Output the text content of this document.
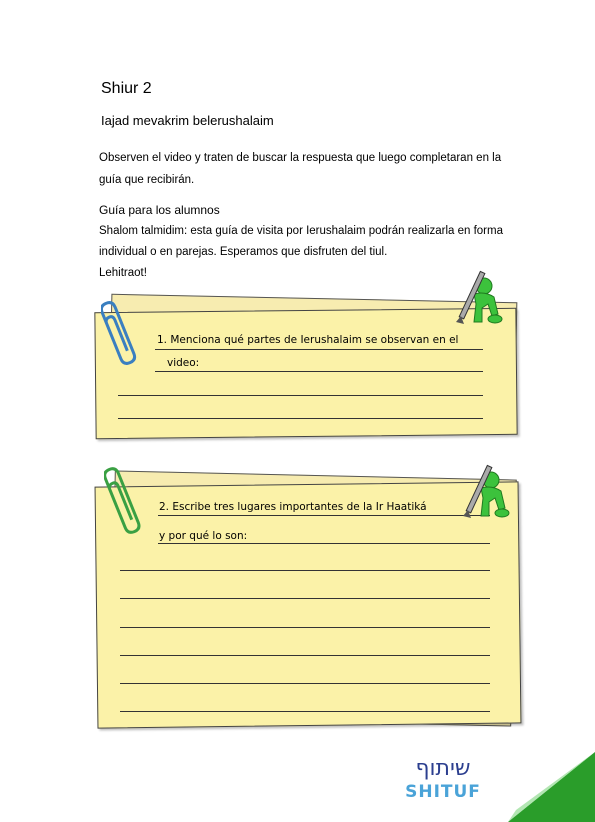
Shiur 2
Iajad mevakrim belerushalaim
Observen el video y traten de buscar la respuesta que luego completaran en la
guía que recibirán.
Guía para los alumnos
Shalom talmidim: esta guía de visita por Ierushalaim podrán realizarla en forma
individual o en parejas. Esperamos que disfruten del tiul.
Lehitraot!
1. Menciona qué partes de Ierushalaim se observan en el
video:
2. Escribe tres lugares importantes de la Ir Haatiká
y por qué lo son:
שיתוף
SHITUF	4
